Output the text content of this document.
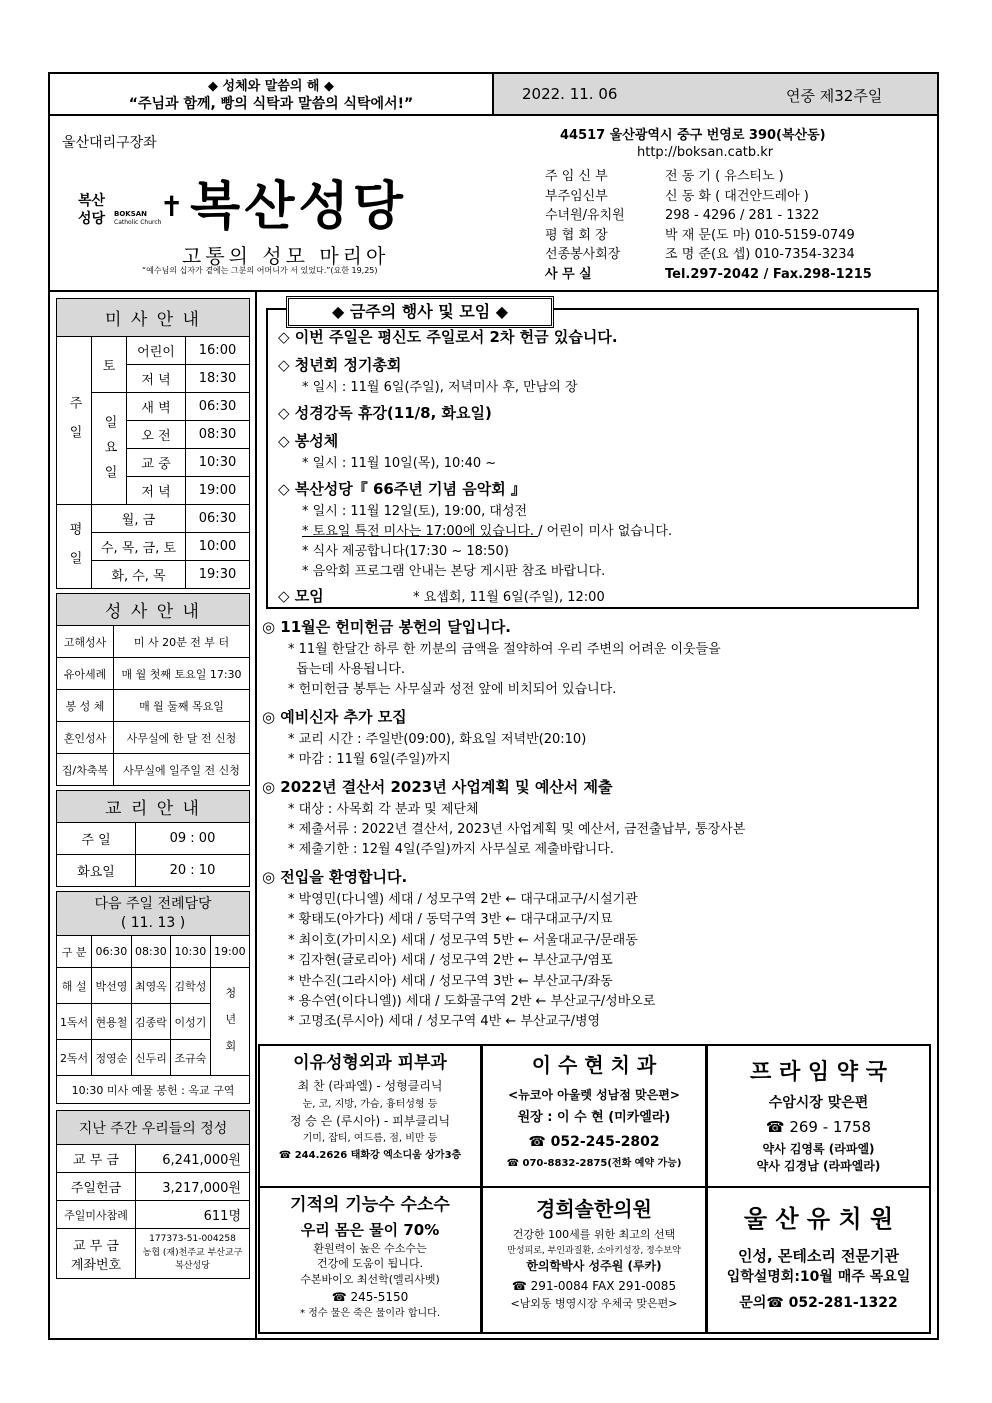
◆ 성체와 말씀의 해 ◆
“주님과 함께, 빵의 식탁과 말씀의 식탁에서!”
2022. 11. 06	연중 제32주일
울산대리구장좌
복산
성당 BOKSAN
Catholic Church
✝ 복산성당
고통의 성모 마리아
“예수님의 십자가 곁에는 그분의 어머니가 서 있었다.”(요한 19,25)
44517 울산광역시 중구 번영로 390(복산동)
http://boksan.catb.kr
주 임 신 부	전 동 기 ( 유스티노 )
부주임신부	신 동 화 ( 대건안드레아 )
수녀원/유치원	298 - 4296 / 281 - 1322
평 협 회 장	박 재 문(도 마) 010-5159-0749
선종봉사회장	조 명 준(요 셉) 010-7354-3234
사 무 실	Tel.297-2042 / Fax.298-1215
미 사 안 내			
주 일	토	어린이	16:00
		저 녁	18:30
	일 요 일	새 벽	06:30
		오 전	08:30
		교 중	10:30
		저 녁	19:00
평 일	월, 금		06:30
	수, 목, 금, 토		10:00
	화, 수, 목		19:30
성 사 안 내	
고해성사	미 사 20분 전 부 터
유아세례	매 월 첫째 토요일 17:30
봉 성 체	매 월 둘째 목요일
혼인성사	사무실에 한 달 전 신청
집/차축복	사무실에 일주일 전 신청
교 리 안 내	
주 일	09 : 00
화요일	20 : 10
다음 주일 전례담당
( 11. 13 )				
구 분	06:30	08:30	10:30	19:00
해 설	박선영	최영옥	김학성	청 년 회
1독서	현용철	김종락	이성기	
2독서	정영순	신두리	조규숙	
10:30 미사 예물 봉헌 : 옥교 구역				
지난 주간 우리들의 정성	
교 무 금	6,241,000원
주일헌금	3,217,000원
주일미사참례	611명
교 무 금 계좌번호	177373-51-004258
농협 (재)천주교 부산교구
복산성당
◆ 금주의 행사 및 모임 ◆
◇ 이번 주일은 평신도 주일로서 2차 헌금 있습니다.
◇ 청년회 정기총회
* 일시 : 11월 6일(주일), 저녁미사 후, 만남의 장
◇ 성경강독 휴강(11/8, 화요일)
◇ 봉성체
* 일시 : 11월 10일(목), 10:40 ~
◇ 복산성당『 66주년 기념 음악회 』
* 일시 : 11월 12일(토), 19:00, 대성전
* 토요일 특전 미사는 17:00에 있습니다. / 어린이 미사 없습니다.
* 식사 제공합니다(17:30 ~ 18:50)
* 음악회 프로그램 안내는 본당 게시판 참조 바랍니다.
◇ 모임	* 요셉회, 11월 6일(주일), 12:00
◎ 11월은 헌미헌금 봉헌의 달입니다.
* 11월 한달간 하루 한 끼분의 금액을 절약하여 우리 주변의 어려운 이웃들을
돕는데 사용됩니다.
* 헌미헌금 봉투는 사무실과 성전 앞에 비치되어 있습니다.
◎ 예비신자 추가 모집
* 교리 시간 : 주일반(09:00), 화요일 저녁반(20:10)
* 마감 : 11월 6일(주일)까지
◎ 2022년 결산서 2023년 사업계획 및 예산서 제출
* 대상 : 사목회 각 분과 및 제단체
* 제출서류 : 2022년 결산서, 2023년 사업계획 및 예산서, 금전출납부, 통장사본
* 제출기한 : 12월 4일(주일)까지 사무실로 제출바랍니다.
◎ 전입을 환영합니다.
* 박영민(다니엘) 세대 / 성모구역 2반 ← 대구대교구/시설기관
* 황태도(아가다) 세대 / 동덕구역 3반 ← 대구대교구/지묘
* 최이호(가미시오) 세대 / 성모구역 5반 ← 서울대교구/문래동
* 김자현(글로리아) 세대 / 성모구역 2반 ← 부산교구/염포
* 반수진(그라시아) 세대 / 성모구역 3반 ← 부산교구/좌동
* 용수연(이다니엘)) 세대 / 도화골구역 2반 ← 부산교구/성바오로
* 고명조(루시아) 세대 / 성모구역 4반 ← 부산교구/병영
이유성형외과 피부과
최 찬 (라파엘) - 성형클리닉
눈, 코, 지방, 가슴, 흉터성형 등
정 승 은 (루시아) - 피부클리닉
기미, 잡티, 여드름, 점, 비만 등
☎ 244.2626 태화강 엑소디움 상가3층
이 수 현 치 과
<뉴코아 아울렛 성남점 맞은편>
원장 : 이 수 현 (미카엘라)
☎ 052-245-2802
☎ 070-8832-2875(전화 예약 가능)
프 라 임 약 국
수암시장 맞은편
☎ 269 - 1758
약사 김영록 (라파엘)
약사 김경남 (라파엘라)
기적의 기능수 수소수
우리 몸은 물이 70%
환원력이 높은 수소수는
건강에 도움이 됩니다.
수본바이오 최선학(엘리사벳)
☎ 245-5150
* 정수 물은 죽은 물이라 합니다.
경희솔한의원
건강한 100세를 위한 최고의 선택
만성피로, 부인과질환, 소아키성장, 정수보약
한의학박사 성주원 (루카)
☎ 291-0084 FAX 291-0085
<남외동 병영시장 우체국 맞은편>
울 산 유 치 원
인성, 몬테소리 전문기관
입학설명회:10월 매주 목요일
문의☎ 052-281-1322
